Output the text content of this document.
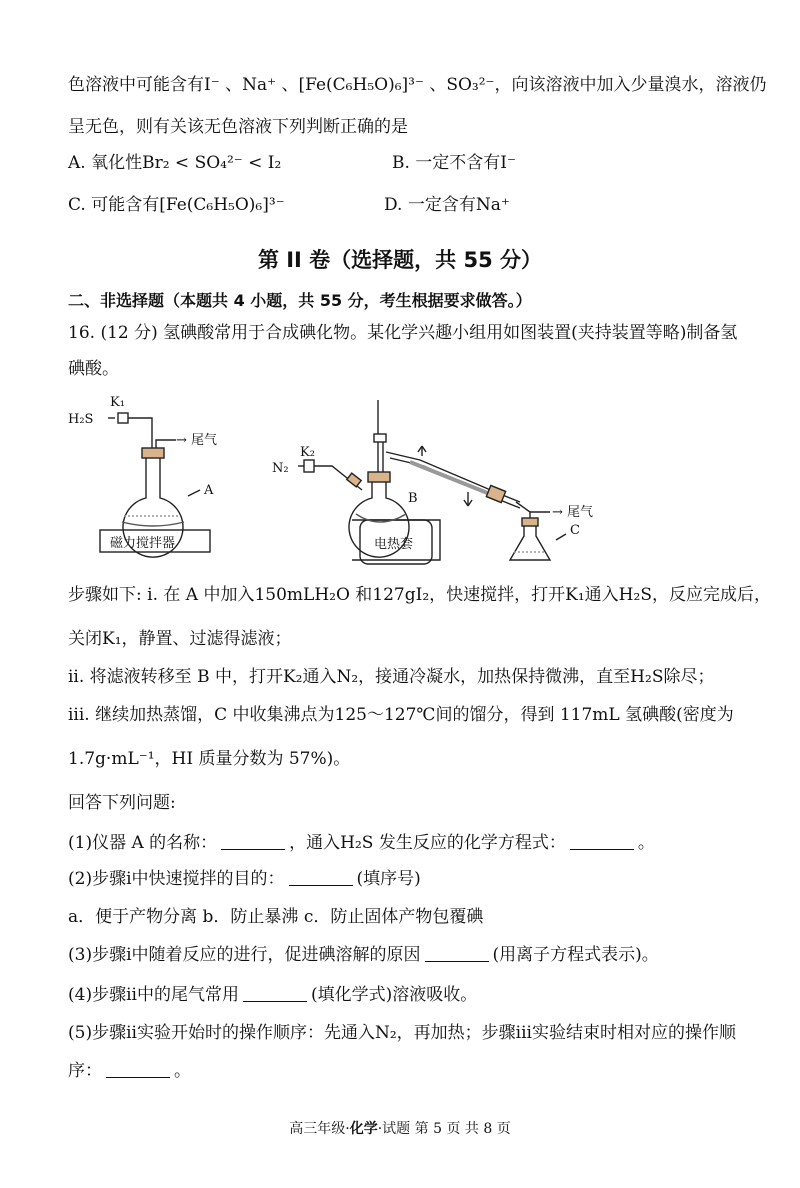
色溶液中可能含有I⁻ 、Na⁺ 、[Fe(C₆H₅O)₆]³⁻ 、SO₃²⁻，向该溶液中加入少量溴水，溶液仍
呈无色，则有关该无色溶液下列判断正确的是
A. 氧化性Br₂ < SO₄²⁻ < I₂	B. 一定不含有I⁻
C. 可能含有[Fe(C₆H₅O)₆]³⁻	D. 一定含有Na⁺
第 II 卷（选择题，共 55 分）
二、非选择题（本题共 4 小题，共 55 分，考生根据要求做答。）
16. (12 分) 氢碘酸常用于合成碘化物。某化学兴趣小组用如图装置(夹持装置等略)制备氢
碘酸。
K₁
H₂S
→ 尾气
A
磁力搅拌器
K₂
N₂
B
电热套
→ 尾气
C
步骤如下: i. 在 A 中加入150mLH₂O 和127gI₂，快速搅拌，打开K₁通入H₂S，反应完成后，
关闭K₁，静置、过滤得滤液；
ii. 将滤液转移至 B 中，打开K₂通入N₂，接通冷凝水，加热保持微沸，直至H₂S除尽；
iii. 继续加热蒸馏，C 中收集沸点为125～127℃间的馏分，得到 117mL 氢碘酸(密度为
1.7g·mL⁻¹，HI 质量分数为 57%)。
回答下列问题:
(1)仪器 A 的名称：	，通入H₂S 发生反应的化学方程式：	。
(2)步骤i中快速搅拌的目的：	(填序号)
a．便于产物分离 b．防止暴沸 c．防止固体产物包覆碘
(3)步骤i中随着反应的进行，促进碘溶解的原因	(用离子方程式表示)。
(4)步骤ii中的尾气常用	(填化学式)溶液吸收。
(5)步骤ii实验开始时的操作顺序：先通入N₂，再加热；步骤iii实验结束时相对应的操作顺
序：	。
高三年级·化学·试题 第 5 页 共 8 页
